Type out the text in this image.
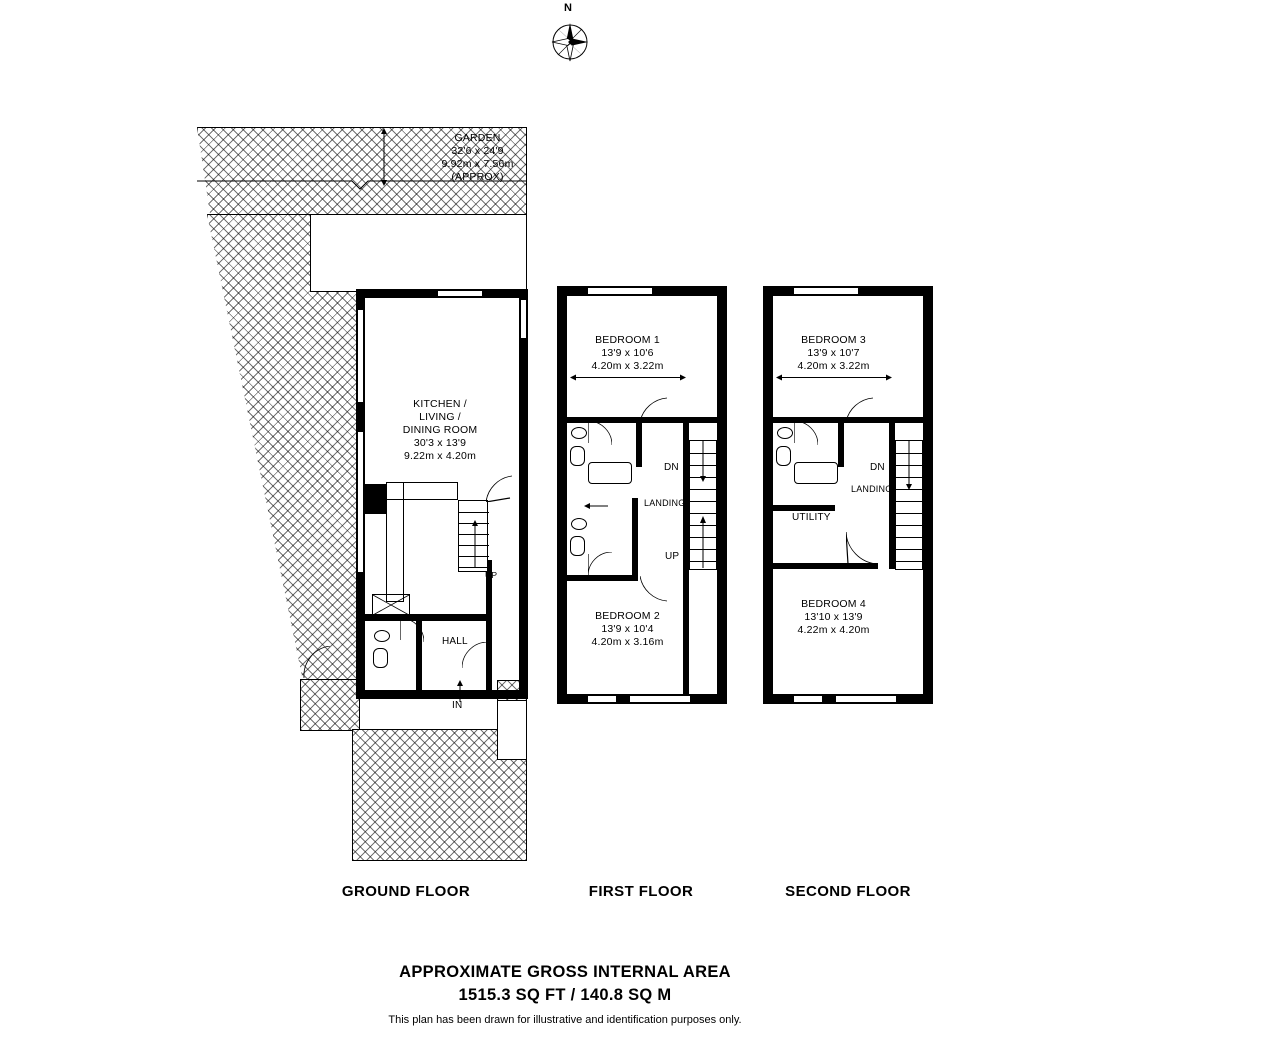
N
GARDEN
32'6 x 24'9
9.92m x 7.56m
(APPROX)
UP
HALL
IN
KITCHEN /
LIVING /
DINING ROOM
30'3 x 13'9
9.22m x 4.20m
GROUND FLOOR
BEDROOM 1
13'9 x 10'6
4.20m x 3.22m
BEDROOM 2
13'9 x 10'4
4.20m x 3.16m
DN
UP
LANDING
FIRST FLOOR
BEDROOM 3
13'9 x 10'7
4.20m x 3.22m
BEDROOM 4
13'10 x 13'9
4.22m x 4.20m
UTILITY
LANDING
DN
SECOND FLOOR
APPROXIMATE GROSS INTERNAL AREA
1515.3 SQ FT / 140.8 SQ M
This plan has been drawn for illustrative and identification purposes only.
